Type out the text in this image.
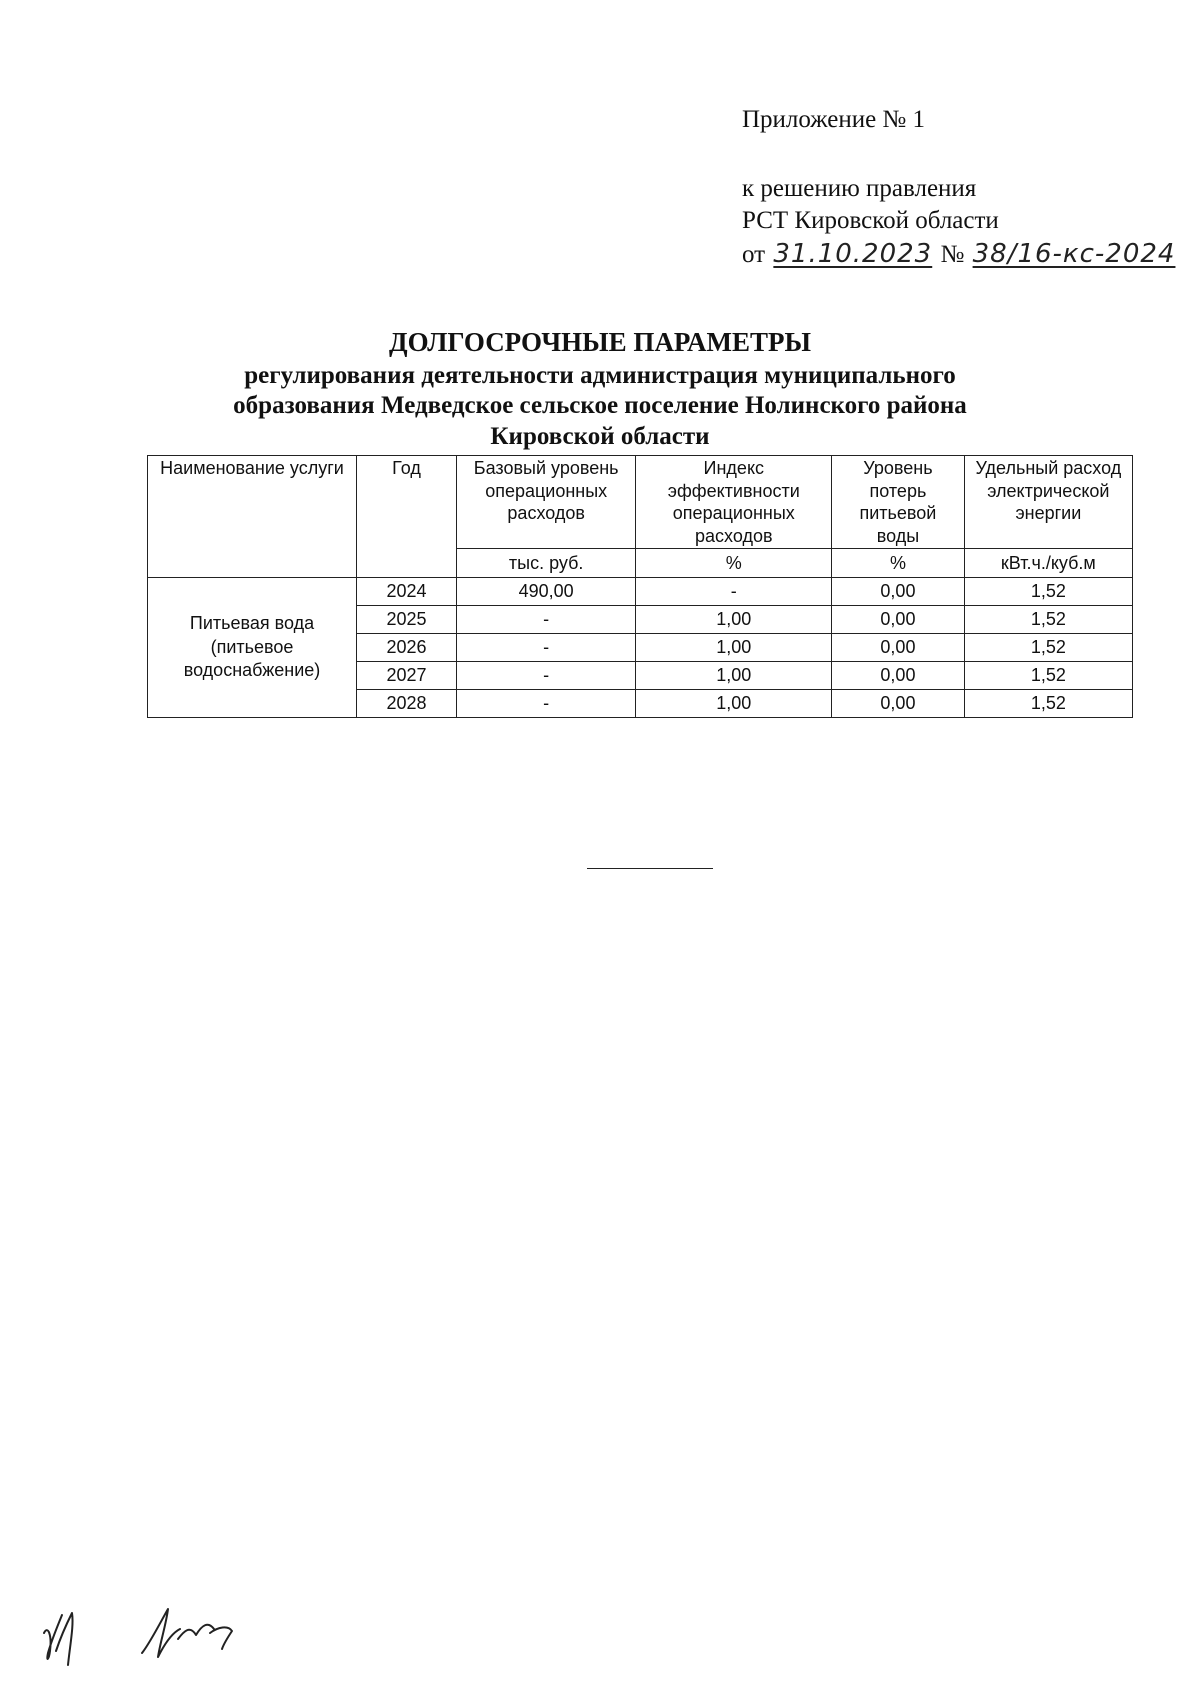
Приложение № 1
к решению правления
РСТ Кировской области
от 31.10.2023 № 38/16-кс-2024
ДОЛГОСРОЧНЫЕ ПАРАМЕТРЫ
регулирования деятельности администрация муниципального образования Медведское сельское поселение Нолинского района Кировской области
Наименование услуги	Год	Базовый уровень операционных расходов	Индекс эффективности операционных расходов	Уровень потерь питьевой воды	Удельный расход электрической энергии
		тыс. руб.	%	%	кВт.ч./куб.м
Питьевая вода (питьевое водоснабжение)	2024	490,00	-	0,00	1,52
	2025	-	1,00	0,00	1,52
	2026	-	1,00	0,00	1,52
	2027	-	1,00	0,00	1,52
	2028	-	1,00	0,00	1,52
